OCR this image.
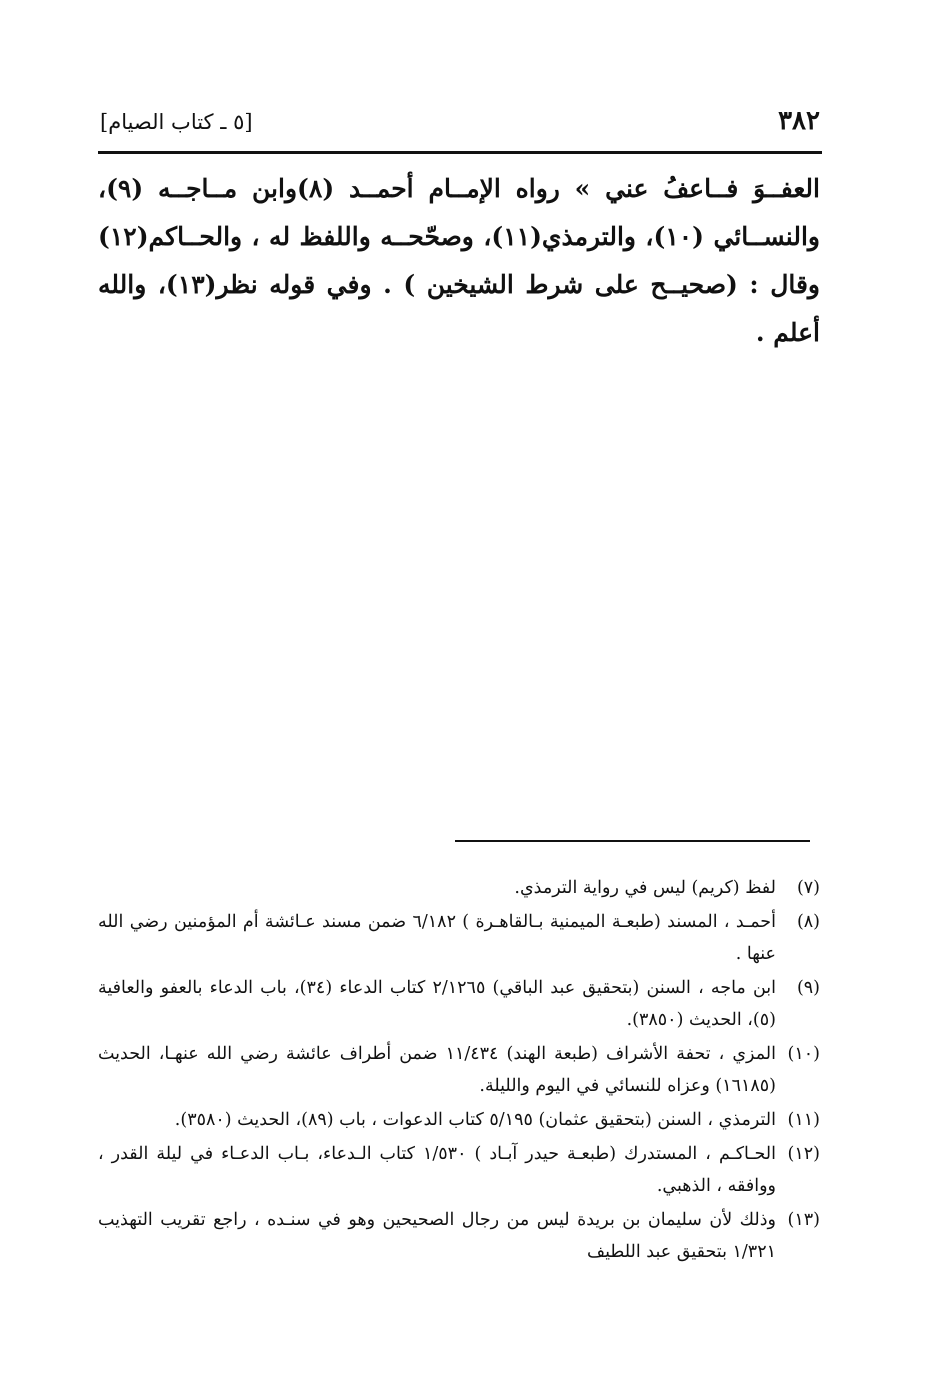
٣٨٢
[٥ ـ كتاب الصيام]

العفــوَ فــاعفُ عني » رواه الإمــام أحمــد (٨)وابن مــاجــه (٩)، والنســائي (١٠)، والترمذي(١١)، وصحّحــه واللفظ له ، والحــاكم(١٢) وقال : (صحيــح على شرط الشيخين ) . وفي قوله نظر(١٣)، والله أعلم .

(٧)
لفظ (كريم) ليس في رواية الترمذي.
(٨)
أحمـد ، المسند (طبعـة الميمنية بـالقاهـرة ) ٦/١٨٢ ضمن مسند عـائشة أم المؤمنين رضي الله عنها .
(٩)
ابن ماجه ، السنن (بتحقيق عبد الباقي) ٢/١٢٦٥ كتاب الدعاء (٣٤)، باب الدعاء بالعفو والعافية (٥)، الحديث (٣٨٥٠).
(١٠)
المزي ، تحفة الأشراف (طبعة الهند) ١١/٤٣٤ ضمن أطراف عائشة رضي الله عنهـا، الحديث (١٦١٨٥) وعزاه للنسائي في اليوم والليلة.
(١١)
الترمذي ، السنن (بتحقيق عثمان) ٥/١٩٥ كتاب الدعوات ، باب (٨٩)، الحديث (٣٥٨٠).
(١٢)
الحـاكـم ، المستدرك (طبعـة حيدر آبـاد ) ١/٥٣٠ كتاب الـدعاء، بـاب الدعـاء في ليلة القدر ، ووافقه ، الذهبي.
(١٣)
وذلك لأن سليمان بن بريدة ليس من رجال الصحيحين وهو في سنـده ، راجع تقريب التهذيب ١/٣٢١ بتحقيق عبد اللطيف
